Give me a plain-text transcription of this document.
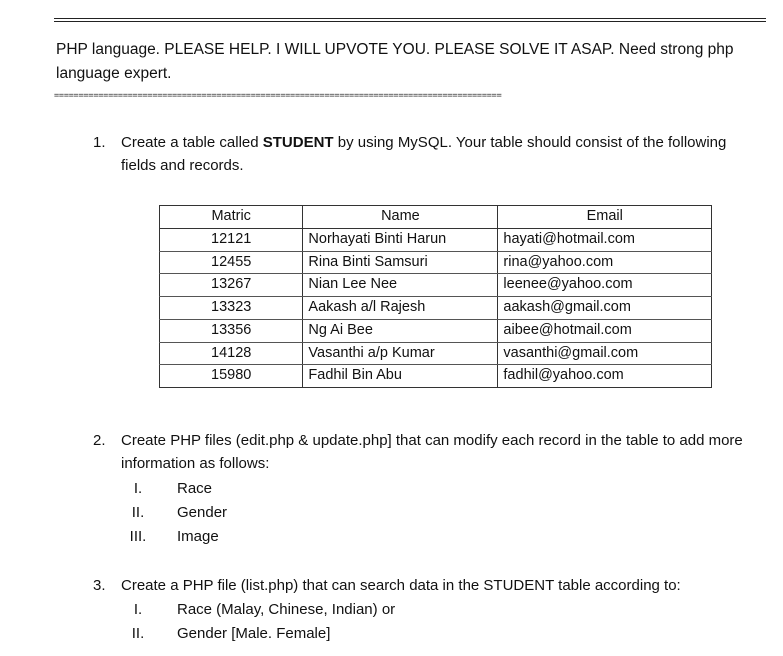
PHP language. PLEASE HELP. I WILL UPVOTE YOU. PLEASE SOLVE IT ASAP. Need strong php language expert.

===========================================================================================
1. Create a table called STUDENT by using MySQL. Your table should consist of the following fields and records.
Matric	Name	Email
12121	Norhayati Binti Harun	hayati@hotmail.com
12455	Rina Binti Samsuri	rina@yahoo.com
13267	Nian Lee Nee	leenee@yahoo.com
13323	Aakash a/l Rajesh	aakash@gmail.com
13356	Ng Ai Bee	aibee@hotmail.com
14128	Vasanthi a/p Kumar	vasanthi@gmail.com
15980	Fadhil Bin Abu	fadhil@yahoo.com
2. Create PHP files (edit.php & update.php] that can modify each record in the table to add more information as follows:
I.	Race
II.	Gender
III.	Image
3. Create a PHP file (list.php) that can search data in the STUDENT table according to:
I.	Race (Malay, Chinese, Indian) or
II.	Gender [Male. Female]
